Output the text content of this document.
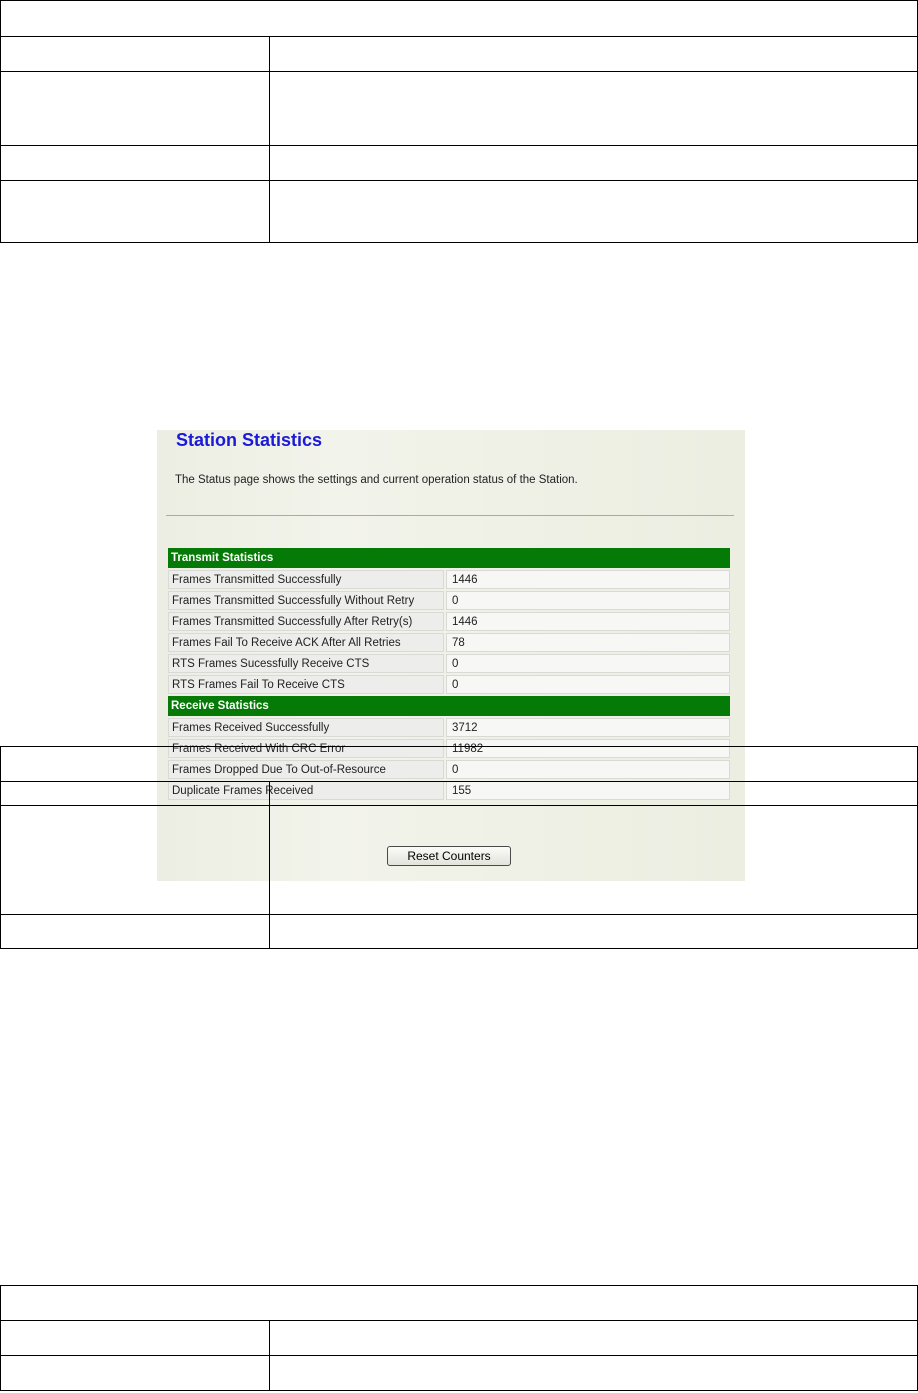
Station Statistics
The Status page shows the settings and current operation status of the Station.
Transmit Statistics	
Frames Transmitted Successfully	1446
Frames Transmitted Successfully Without Retry	0
Frames Transmitted Successfully After Retry(s)	1446
Frames Fail To Receive ACK After All Retries	78
RTS Frames Sucessfully Receive CTS	0
RTS Frames Fail To Receive CTS	0
Receive Statistics	
Frames Received Successfully	3712
Frames Received With CRC Error	11982
Frames Dropped Due To Out-of-Resource	0
Duplicate Frames Received	155
Reset Counters
